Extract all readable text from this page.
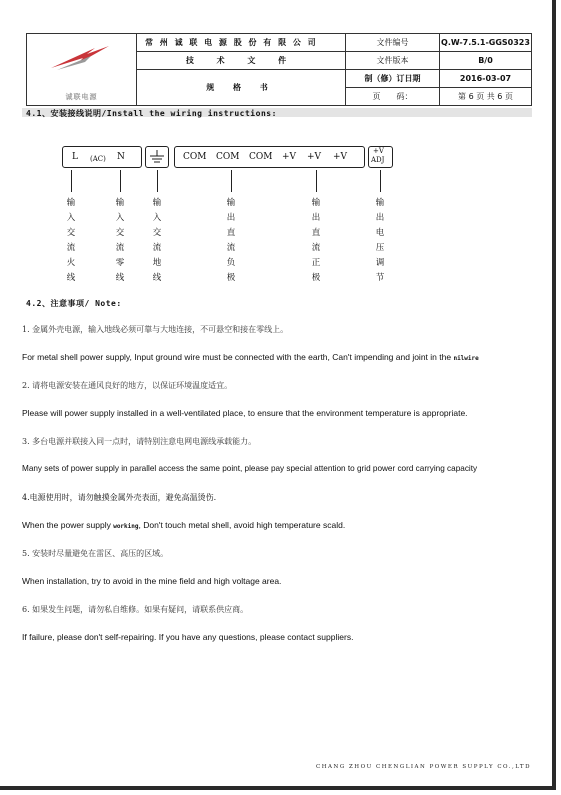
诚联电源	常 州 诚 联 电 源 股 份 有 限 公 司	文件编号	Q.W-7.5.1-GGS0323
	技 术 文 件	文件版本	B/0
	规 格 书	制（修）订日期	2016-03-07
		页　　码：	第 6 页 共 6 页
4.1、安装接线说明/Install the wiring instructions:
L (AC) N	COM COM COM +V +V +V
+V
ADJ
输
入
交
流
火
线
输
入
交
流
零
线
输
入
交
流
地
线
输
出
直
流
负
极
输
出
直
流
正
极
输
出
电
压
调
节
4.2、注意事项/ Note:
1. 金属外壳电源，输入地线必须可靠与大地连接，不可悬空和接在零线上。
For metal shell power supply, Input ground wire must be connected with the earth, Can't impending and joint in the nilwire
2. 请将电源安装在通风良好的地方，以保证环境温度适宜。
Please will power supply installed in a well-ventilated place, to ensure that the environment temperature is appropriate.
3. 多台电源并联接入同一点时，请特别注意电网电源线承载能力。
Many sets of power supply in parallel access the same point, please pay special attention to grid power cord carrying capacity
4.电源使用时，请勿触摸金属外壳表面，避免高温烫伤.
When the power supply working, Don't touch metal shell, avoid high temperature scald.
5. 安装时尽量避免在雷区、高压的区域。
When installation, try to avoid in the mine field and high voltage area.
6. 如果发生问题，请勿私自维修。如果有疑问，请联系供应商。
If failure, please don't self-repairing. If you have any questions, please contact suppliers.
CHANG ZHOU CHENGLIAN POWER SUPPLY CO.,LTD
